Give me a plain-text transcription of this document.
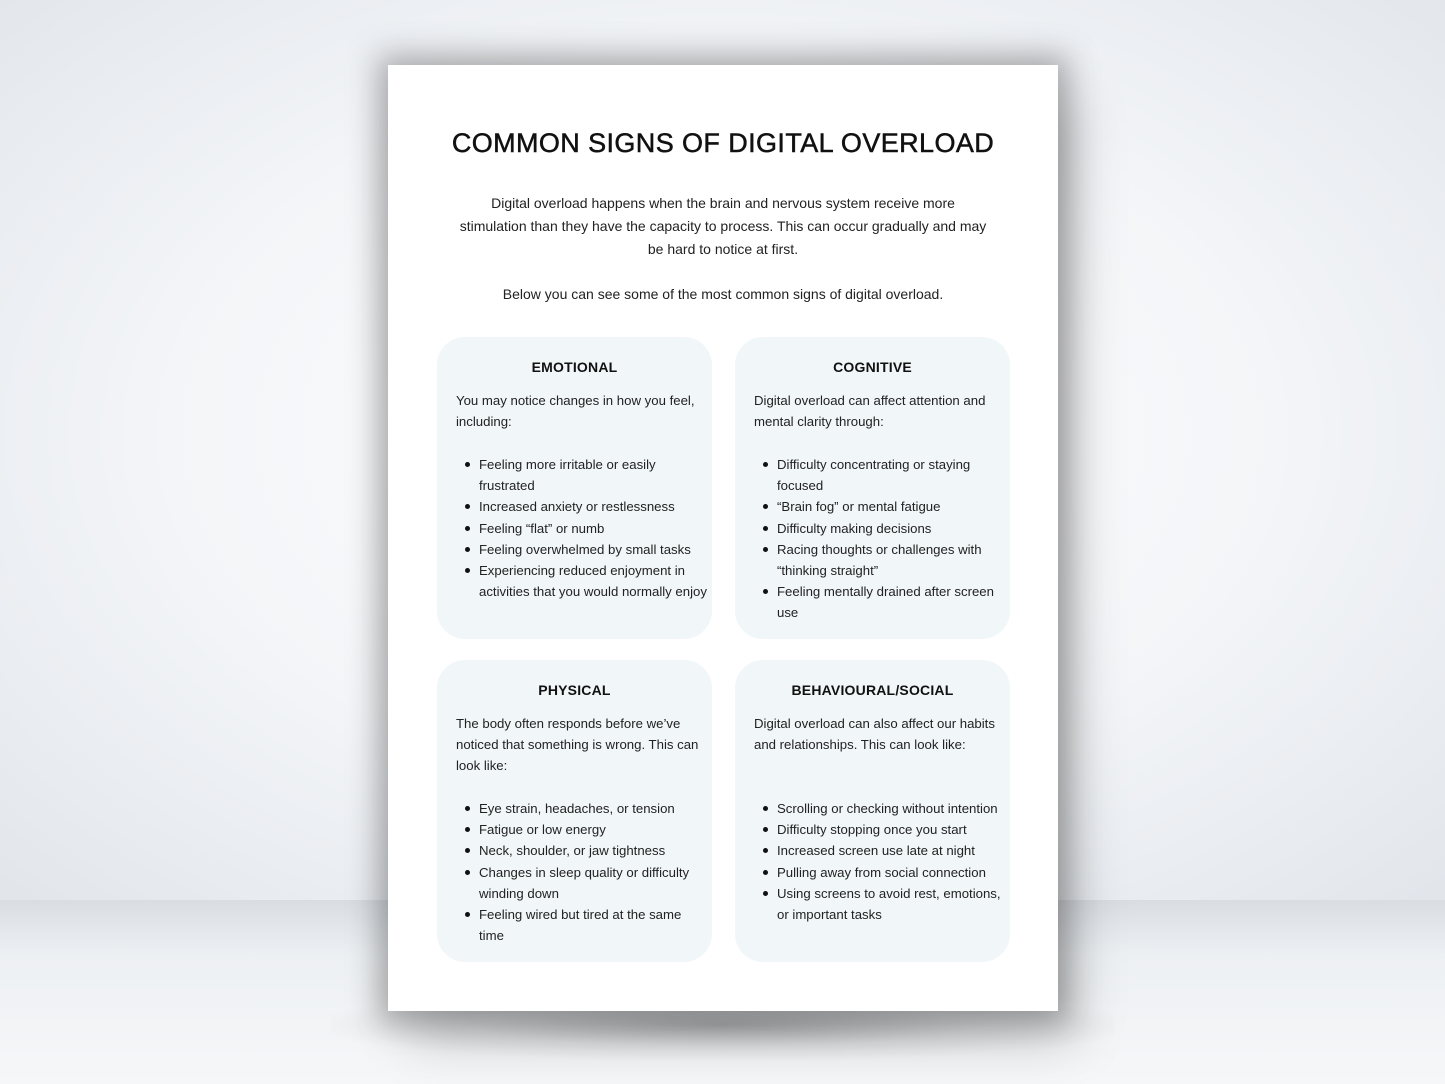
COMMON SIGNS OF DIGITAL OVERLOAD

Digital overload happens when the brain and nervous system receive more stimulation than they have the capacity to process. This can occur gradually and may be hard to notice at first.

Below you can see some of the most common signs of digital overload.

EMOTIONAL

You may notice changes in how you feel, including:

Feeling more irritable or easily frustrated
Increased anxiety or restlessness
Feeling “flat” or numb
Feeling overwhelmed by small tasks
Experiencing reduced enjoyment in activities that you would normally enjoy
COGNITIVE

Digital overload can affect attention and mental clarity through:

Difficulty concentrating or staying focused
“Brain fog” or mental fatigue
Difficulty making decisions
Racing thoughts or challenges with “thinking straight”
Feeling mentally drained after screen use
PHYSICAL

The body often responds before we’ve noticed that something is wrong. This can look like:

Eye strain, headaches, or tension
Fatigue or low energy
Neck, shoulder, or jaw tightness
Changes in sleep quality or difficulty winding down
Feeling wired but tired at the same time
BEHAVIOURAL/SOCIAL

Digital overload can also affect our habits and relationships. This can look like:

Scrolling or checking without intention
Difficulty stopping once you start
Increased screen use late at night
Pulling away from social connection
Using screens to avoid rest, emotions, or important tasks
